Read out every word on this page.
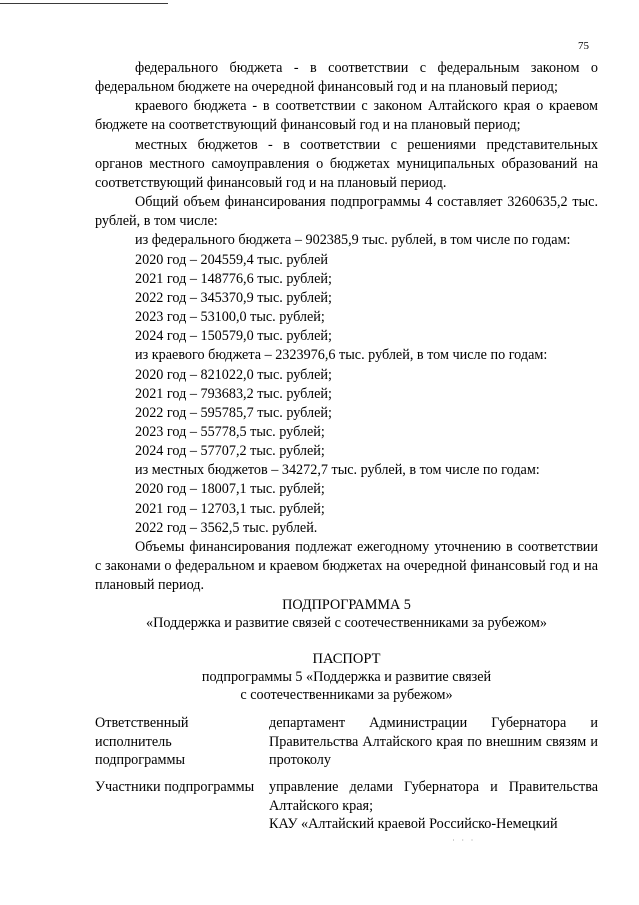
75

федерального бюджета - в соответствии с федеральным законом о федеральном бюджете на очередной финансовый год и на плановый период;

краевого бюджета - в соответствии с законом Алтайского края о краевом бюджете на соответствующий финансовый год и на плановый период;

местных бюджетов - в соответствии с решениями представительных органов местного самоуправления о бюджетах муниципальных образований на соответствующий финансовый год и на плановый период.

Общий объем финансирования подпрограммы 4 составляет 3260635,2 тыс. рублей, в том числе:

из федерального бюджета – 902385,9 тыс. рублей, в том числе по годам:

2020 год – 204559,4 тыс. рублей

2021 год – 148776,6 тыс. рублей;

2022 год – 345370,9 тыс. рублей;

2023 год – 53100,0 тыс. рублей;

2024 год – 150579,0 тыс. рублей;

из краевого бюджета – 2323976,6 тыс. рублей, в том числе по годам:

2020 год – 821022,0 тыс. рублей;

2021 год – 793683,2 тыс. рублей;

2022 год – 595785,7 тыс. рублей;

2023 год – 55778,5 тыс. рублей;

2024 год – 57707,2 тыс. рублей;

из местных бюджетов – 34272,7 тыс. рублей, в том числе по годам:

2020 год – 18007,1 тыс. рублей;

2021 год – 12703,1 тыс. рублей;

2022 год – 3562,5 тыс. рублей.

Объемы финансирования подлежат ежегодному уточнению в соответствии с законами о федеральном и краевом бюджетах на очередной финансовый год и на плановый период.

ПОДПРОГРАММА 5

«Поддержка и развитие связей с соотечественниками за рубежом»

ПАСПОРТ

подпрограммы 5 «Поддержка и развитие связей

с соотечественниками за рубежом»

Ответственный исполнитель подпрограммы		департамент Администрации Губернатора и Правительства Алтайского края по внешним связям и протоколу
Участники подпрограммы		управление делами Губернатора и Правительства Алтайского края;

КАУ «Алтайский краевой Российско-Немецкий

˙ ˙ ˙
